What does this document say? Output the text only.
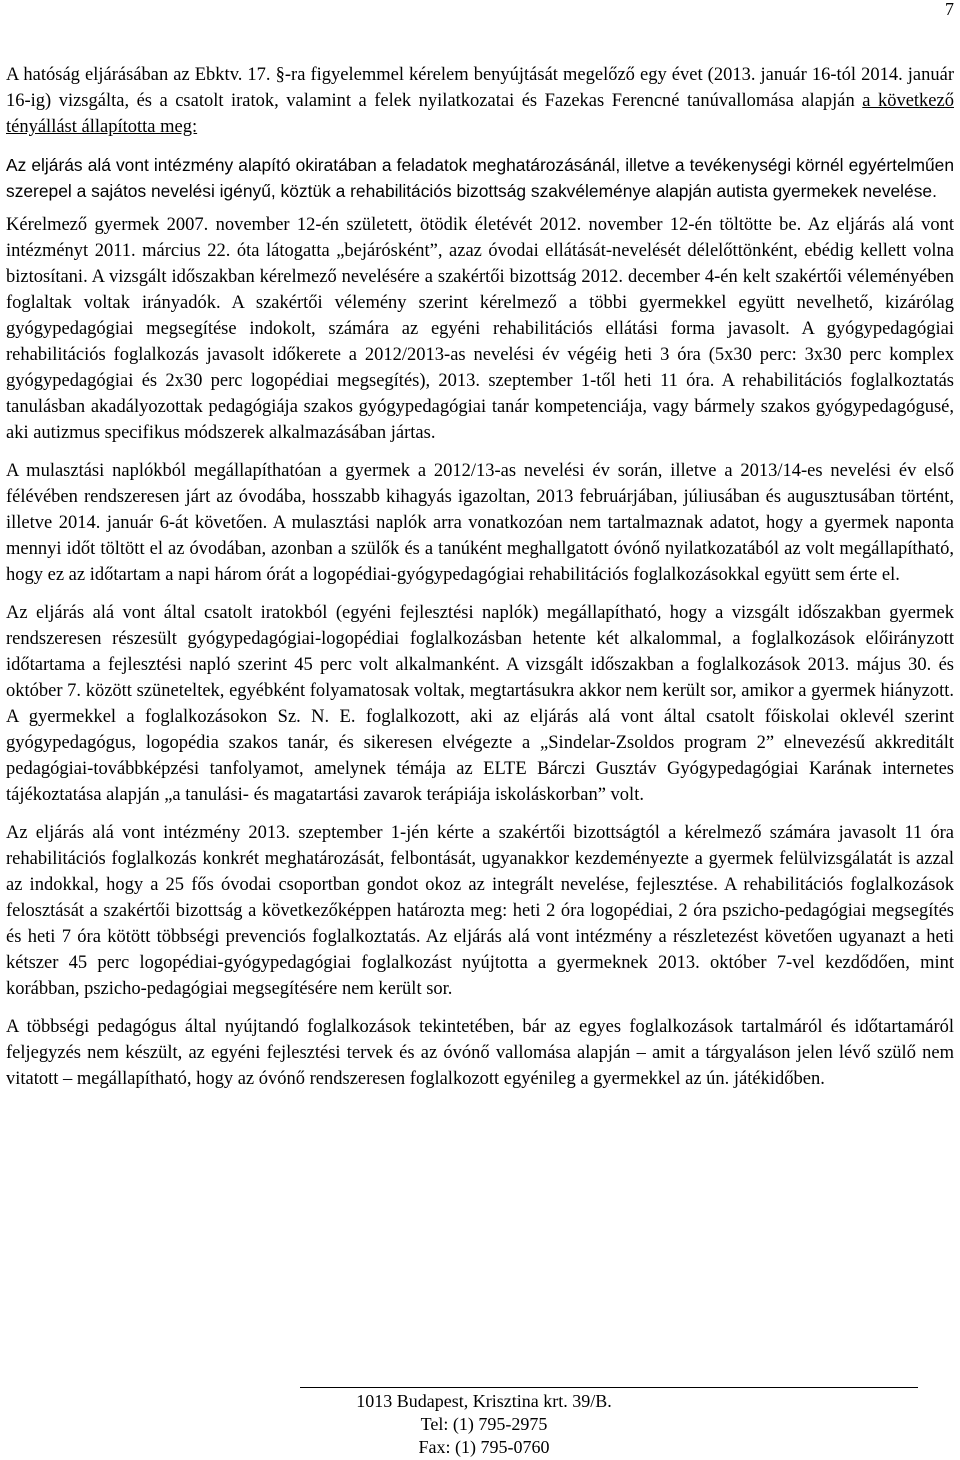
7

A hatóság eljárásában az Ebktv. 17. §-ra figyelemmel kérelem benyújtását megelőző egy évet (2013. január 16-tól 2014. január 16-ig) vizsgálta, és a csatolt iratok, valamint a felek nyilatkozatai és Fazekas Ferencné tanúvallomása alapján a következő tényállást állapította meg:

Az eljárás alá vont intézmény alapító okiratában a feladatok meghatározásánál, illetve a tevékenységi körnél egyértelműen szerepel a sajátos nevelési igényű, köztük a rehabilitációs bizottság szakvéleménye alapján autista gyermekek nevelése.

Kérelmező gyermek 2007. november 12-én született, ötödik életévét 2012. november 12-én töltötte be. Az eljárás alá vont intézményt 2011. március 22. óta látogatta „bejárósként”, azaz óvodai ellátását-nevelését délelőttönként, ebédig kellett volna biztosítani. A vizsgált időszakban kérelmező nevelésére a szakértői bizottság 2012. december 4-én kelt szakértői véleményében foglaltak voltak irányadók. A szakértői vélemény szerint kérelmező a többi gyermekkel együtt nevelhető, kizárólag gyógypedagógiai megsegítése indokolt, számára az egyéni rehabilitációs ellátási forma javasolt. A gyógypedagógiai rehabilitációs foglalkozás javasolt időkerete a 2012/2013-as nevelési év végéig heti 3 óra (5x30 perc: 3x30 perc komplex gyógypedagógiai és 2x30 perc logopédiai megsegítés), 2013. szeptember 1-től heti 11 óra. A rehabilitációs foglalkoztatás tanulásban akadályozottak pedagógiája szakos gyógypedagógiai tanár kompetenciája, vagy bármely szakos gyógypedagógusé, aki autizmus specifikus módszerek alkalmazásában jártas.

A mulasztási naplókból megállapíthatóan a gyermek a 2012/13-as nevelési év során, illetve a 2013/14-es nevelési év első félévében rendszeresen járt az óvodába, hosszabb kihagyás igazoltan, 2013 februárjában, júliusában és augusztusában történt, illetve 2014. január 6-át követően. A mulasztási naplók arra vonatkozóan nem tartalmaznak adatot, hogy a gyermek naponta mennyi időt töltött el az óvodában, azonban a szülők és a tanúként meghallgatott óvónő nyilatkozatából az volt megállapítható, hogy ez az időtartam a napi három órát a logopédiai-gyógypedagógiai rehabilitációs foglalkozásokkal együtt sem érte el.

Az eljárás alá vont által csatolt iratokból (egyéni fejlesztési naplók) megállapítható, hogy a vizsgált időszakban gyermek rendszeresen részesült gyógypedagógiai-logopédiai foglalkozásban hetente két alkalommal, a foglalkozások előirányzott időtartama a fejlesztési napló szerint 45 perc volt alkalmanként. A vizsgált időszakban a foglalkozások 2013. május 30. és október 7. között szüneteltek, egyébként folyamatosak voltak, megtartásukra akkor nem került sor, amikor a gyermek hiányzott. A gyermekkel a foglalkozásokon Sz. N. E. foglalkozott, aki az eljárás alá vont által csatolt főiskolai oklevél szerint gyógypedagógus, logopédia szakos tanár, és sikeresen elvégezte a „Sindelar-Zsoldos program 2” elnevezésű akkreditált pedagógiai-továbbképzési tanfolyamot, amelynek témája az ELTE Bárczi Gusztáv Gyógypedagógiai Karának internetes tájékoztatása alapján „a tanulási- és magatartási zavarok terápiája iskoláskorban” volt.

Az eljárás alá vont intézmény 2013. szeptember 1-jén kérte a szakértői bizottságtól a kérelmező számára javasolt 11 óra rehabilitációs foglalkozás konkrét meghatározását, felbontását, ugyanakkor kezdeményezte a gyermek felülvizsgálatát is azzal az indokkal, hogy a 25 fős óvodai csoportban gondot okoz az integrált nevelése, fejlesztése. A rehabilitációs foglalkozások felosztását a szakértői bizottság a következőképpen határozta meg: heti 2 óra logopédiai, 2 óra pszicho-pedagógiai megsegítés és heti 7 óra kötött többségi prevenciós foglalkoztatás. Az eljárás alá vont intézmény a részletezést követően ugyanazt a heti kétszer 45 perc logopédiai-gyógypedagógiai foglalkozást nyújtotta a gyermeknek 2013. október 7-vel kezdődően, mint korábban, pszicho-pedagógiai megsegítésére nem került sor.

A többségi pedagógus által nyújtandó foglalkozások tekintetében, bár az egyes foglalkozások tartalmáról és időtartamáról feljegyzés nem készült, az egyéni fejlesztési tervek és az óvónő vallomása alapján – amit a tárgyaláson jelen lévő szülő nem vitatott – megállapítható, hogy az óvónő rendszeresen foglalkozott egyénileg a gyermekkel az ún. játékidőben.

1013 Budapest, Krisztina krt. 39/B.
Tel: (1) 795-2975
Fax: (1) 795-0760
